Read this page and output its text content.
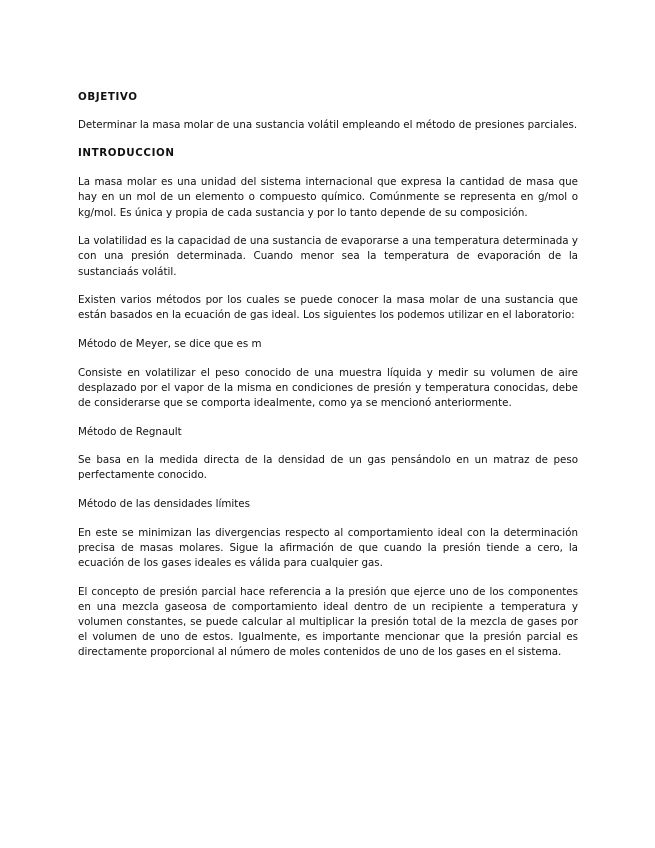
OBJETIVO

Determinar la masa molar de una sustancia volátil empleando el método de presiones parciales.

INTRODUCCION

La masa molar es una unidad del sistema internacional que expresa la cantidad de masa que hay en un mol de un elemento o compuesto químico. Comúnmente se representa en g/mol o kg/mol. Es única y propia de cada sustancia y por lo tanto depende de su composición.

La volatilidad es la capacidad de una sustancia de evaporarse a una temperatura determinada y con una presión determinada. Cuando menor sea la temperatura de evaporación de la sustanciaás volátil.

Existen varios métodos por los cuales se puede conocer la masa molar de una sustancia que están basados en la ecuación de gas ideal. Los siguientes los podemos utilizar en el laboratorio:

Método de Meyer, se dice que es m

Consiste en volatilizar el peso conocido de una muestra líquida y medir su volumen de aire desplazado por el vapor de la misma en condiciones de presión y temperatura conocidas, debe de considerarse que se comporta idealmente, como ya se mencionó anteriormente.

Método de Regnault

Se basa en la medida directa de la densidad de un gas pensándolo en un matraz de peso perfectamente conocido.

Método de las densidades límites

En este se minimizan las divergencias respecto al comportamiento ideal con la determinación precisa de masas molares. Sigue la afirmación de que cuando la presión tiende a cero, la ecuación de los gases ideales es válida para cualquier gas.

El concepto de presión parcial hace referencia a la presión que ejerce uno de los componentes en una mezcla gaseosa de comportamiento ideal dentro de un recipiente a temperatura y volumen constantes, se puede calcular al multiplicar la presión total de la mezcla de gases por el volumen de uno de estos. Igualmente, es importante mencionar que la presión parcial es directamente proporcional al número de moles contenidos de uno de los gases en el sistema.
